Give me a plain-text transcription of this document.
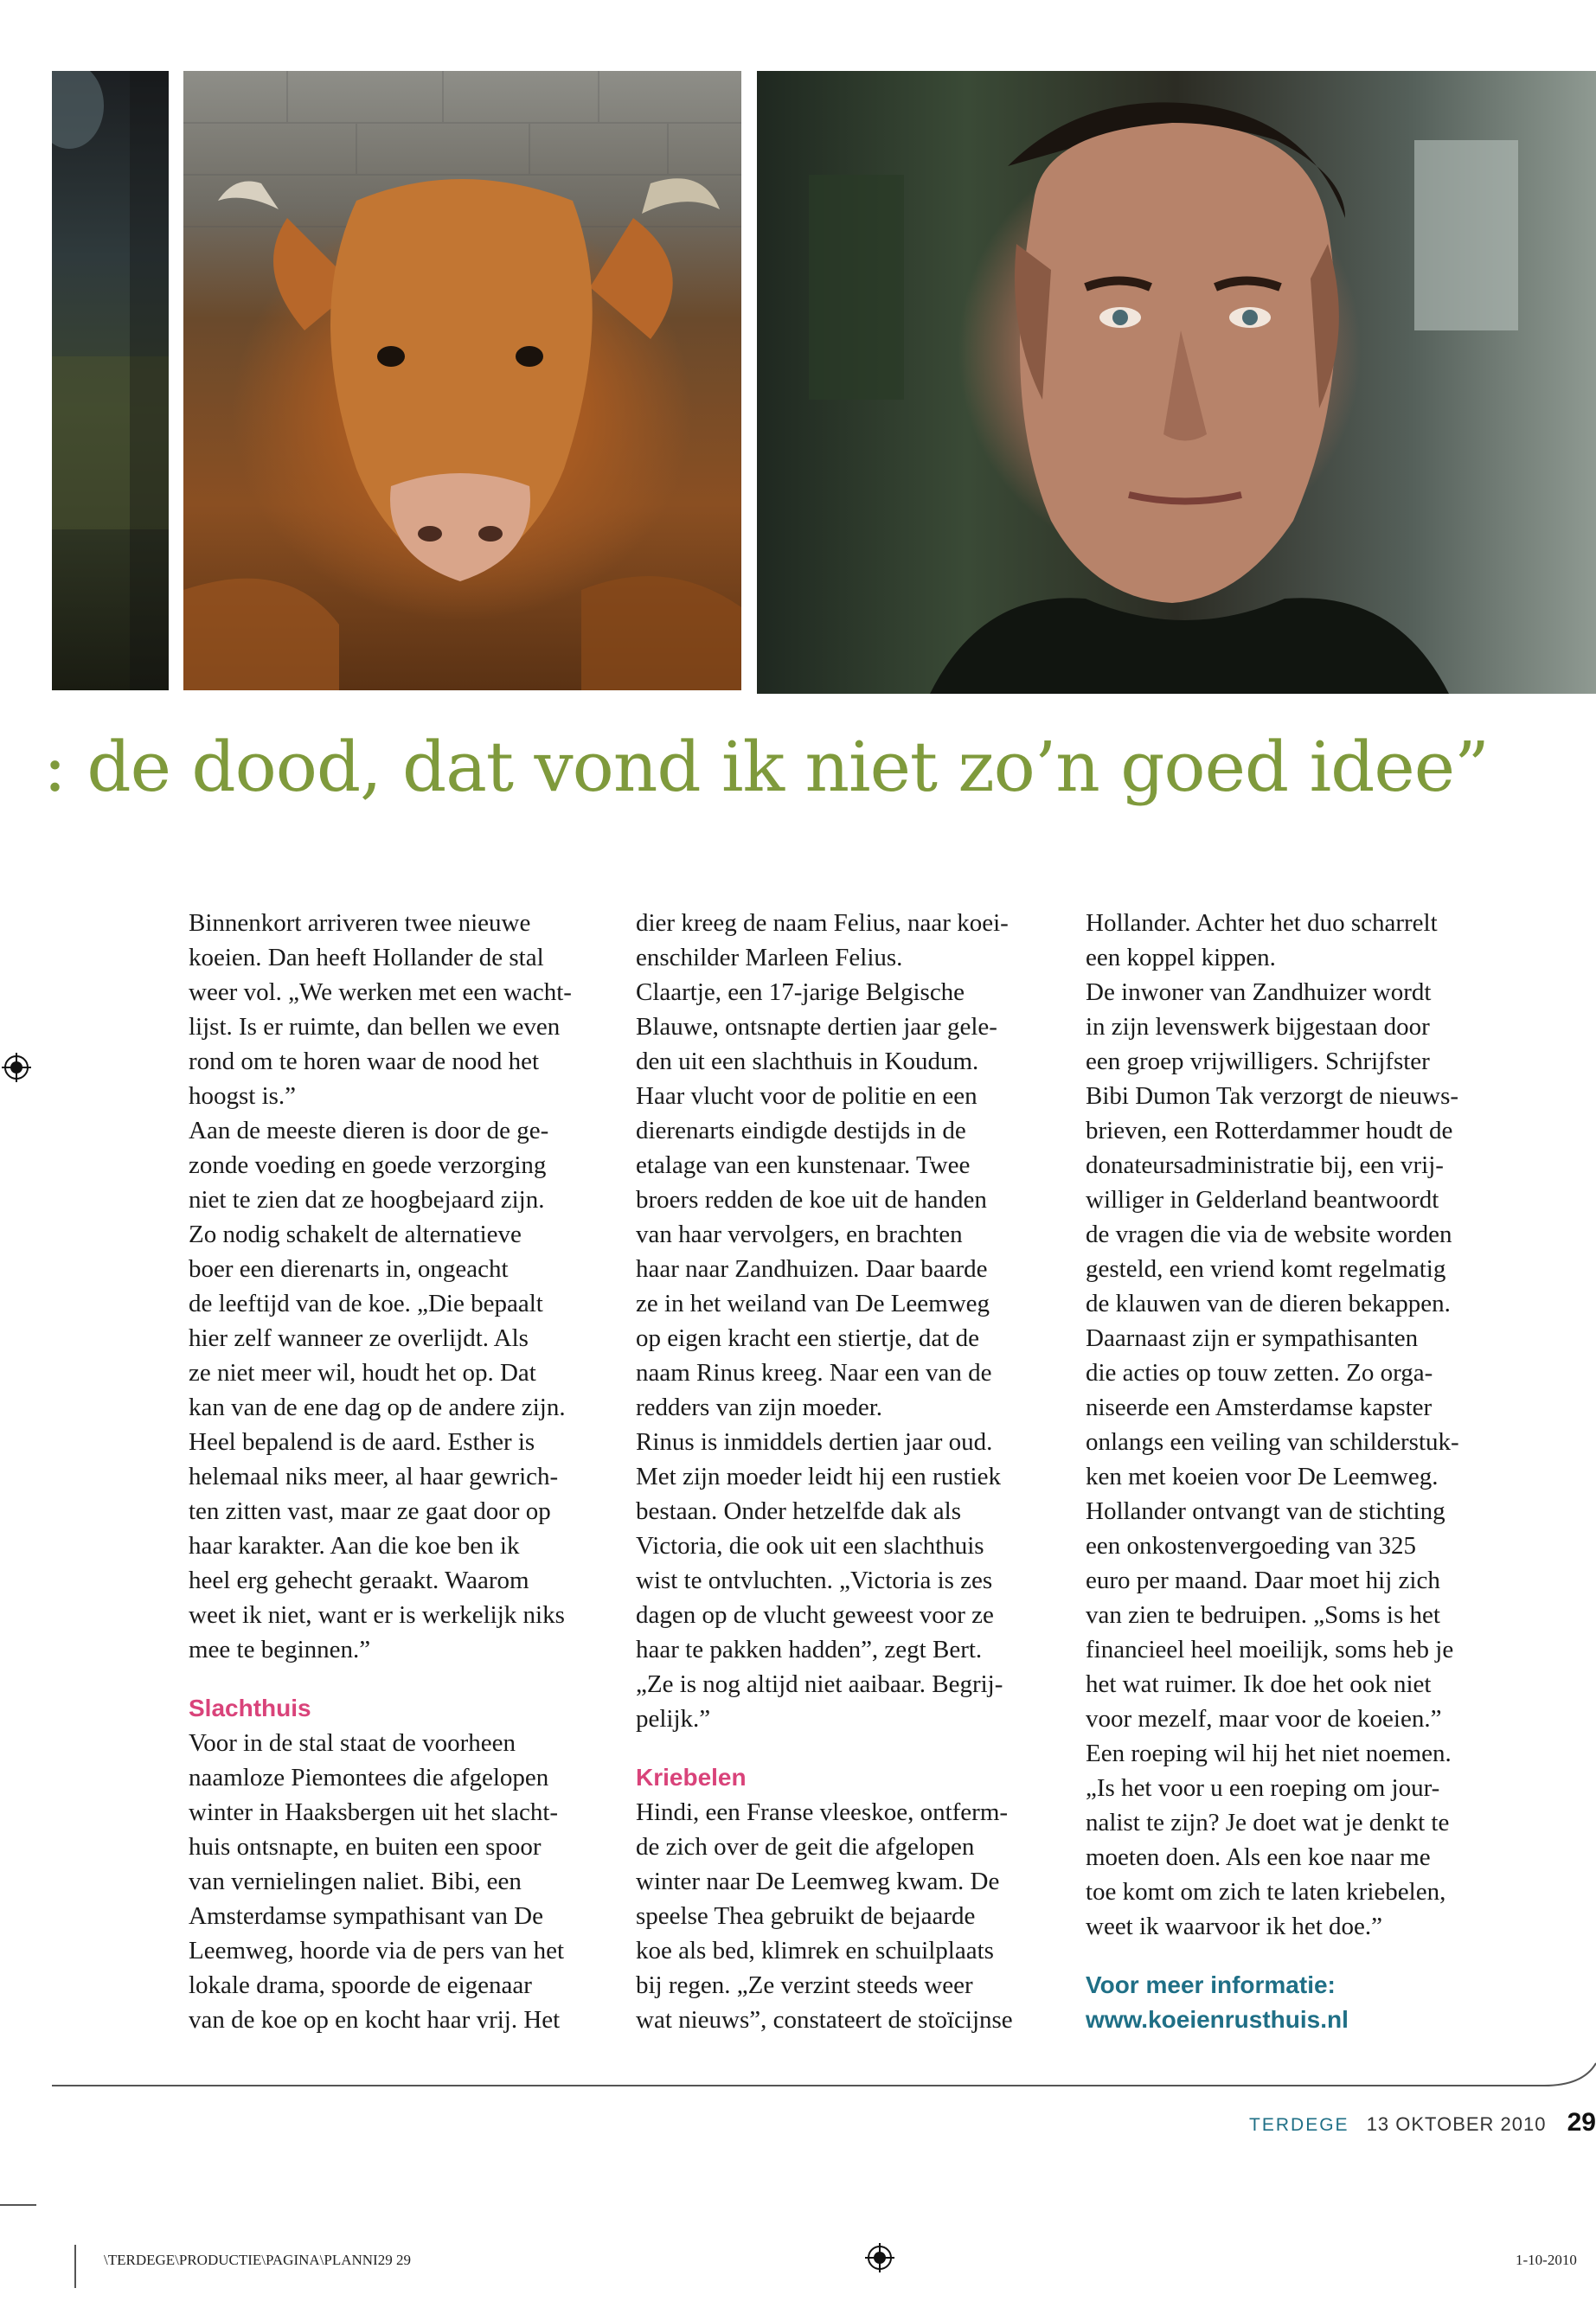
: de dood, dat vond ik niet zo’n goed idee”

Binnenkort arriveren twee nieuwe

koeien. Dan heeft Hollander de stal

weer vol. „We werken met een wacht-

lijst. Is er ruimte, dan bellen we even

rond om te horen waar de nood het

hoogst is.”

Aan de meeste dieren is door de ge-

zonde voeding en goede verzorging

niet te zien dat ze hoogbejaard zijn.

Zo nodig schakelt de alternatieve

boer een dierenarts in, ongeacht

de leeftijd van de koe. „Die bepaalt

hier zelf wanneer ze overlijdt. Als

ze niet meer wil, houdt het op. Dat

kan van de ene dag op de andere zijn.

Heel bepalend is de aard. Esther is

helemaal niks meer, al haar gewrich-

ten zitten vast, maar ze gaat door op

haar karakter. Aan die koe ben ik

heel erg gehecht geraakt. Waarom

weet ik niet, want er is werkelijk niks

mee te beginnen.”

Slachthuis

Voor in de stal staat de voorheen

naamloze Piemontees die afgelopen

winter in Haaksbergen uit het slacht-

huis ontsnapte, en buiten een spoor

van vernielingen naliet. Bibi, een

Amsterdamse sympathisant van De

Leemweg, hoorde via de pers van het

lokale drama, spoorde de eigenaar

van de koe op en kocht haar vrij. Het

dier kreeg de naam Felius, naar koei-

enschilder Marleen Felius.

Claartje, een 17-jarige Belgische

Blauwe, ontsnapte dertien jaar gele-

den uit een slachthuis in Koudum.

Haar vlucht voor de politie en een

dierenarts eindigde destijds in de

etalage van een kunstenaar. Twee

broers redden de koe uit de handen

van haar vervolgers, en brachten

haar naar Zandhuizen. Daar baarde

ze in het weiland van De Leemweg

op eigen kracht een stiertje, dat de

naam Rinus kreeg. Naar een van de

redders van zijn moeder.

Rinus is inmiddels dertien jaar oud.

Met zijn moeder leidt hij een rustiek

bestaan. Onder hetzelfde dak als

Victoria, die ook uit een slachthuis

wist te ontvluchten. „Victoria is zes

dagen op de vlucht geweest voor ze

haar te pakken hadden”, zegt Bert.

„Ze is nog altijd niet aaibaar. Begrij-

pelijk.”

Kriebelen

Hindi, een Franse vleeskoe, ontferm-

de zich over de geit die afgelopen

winter naar De Leemweg kwam. De

speelse Thea gebruikt de bejaarde

koe als bed, klimrek en schuilplaats

bij regen. „Ze verzint steeds weer

wat nieuws”, constateert de stoïcijnse

Hollander. Achter het duo scharrelt

een koppel kippen.

De inwoner van Zandhuizer wordt

in zijn levenswerk bijgestaan door

een groep vrijwilligers. Schrijfster

Bibi Dumon Tak verzorgt de nieuws-

brieven, een Rotterdammer houdt de

donateursadministratie bij, een vrij-

williger in Gelderland beantwoordt

de vragen die via de website worden

gesteld, een vriend komt regelmatig

de klauwen van de dieren bekappen.

Daarnaast zijn er sympathisanten

die acties op touw zetten. Zo orga-

niseerde een Amsterdamse kapster

onlangs een veiling van schilderstuk-

ken met koeien voor De Leemweg.

Hollander ontvangt van de stichting

een onkostenvergoeding van 325

euro per maand. Daar moet hij zich

van zien te bedruipen. „Soms is het

financieel heel moeilijk, soms heb je

het wat ruimer. Ik doe het ook niet

voor mezelf, maar voor de koeien.”

Een roeping wil hij het niet noemen.

„Is het voor u een roeping om jour-

nalist te zijn? Je doet wat je denkt te

moeten doen. Als een koe naar me

toe komt om zich te laten kriebelen,

weet ik waarvoor ik het doe.”

Voor meer informatie:

www.koeienrusthuis.nl

TERDEGE 13 OKTOBER 2010 29
\TERDEGE\PRODUCTIE\PAGINA\PLANNI29 29	1-10-2010
